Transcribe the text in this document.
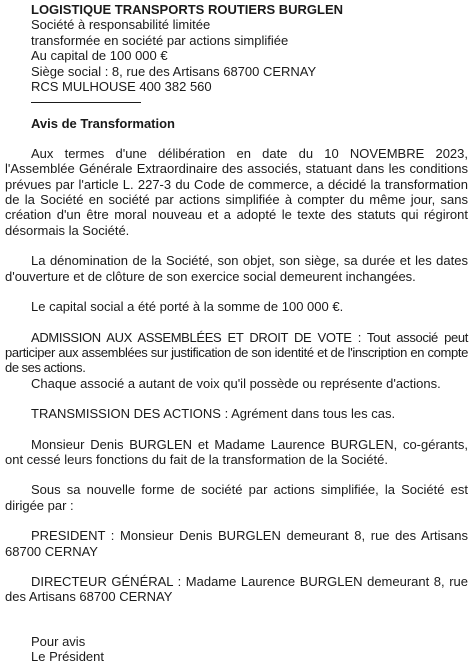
LOGISTIQUE TRANSPORTS ROUTIERS BURGLEN
Société à responsabilité limitée
transformée en société par actions simplifiée
Au capital de 100 000 €
Siège social : 8, rue des Artisans 68700 CERNAY
RCS MULHOUSE 400 382 560
Avis de Transformation

Aux termes d'une délibération en date du 10 NOVEMBRE 2023, l'Assemblée Générale Extraordinaire des associés, statuant dans les conditions prévues par l'article L. 227-3 du Code de commerce, a décidé la transformation de la Société en société par actions simplifiée à compter du même jour, sans création d'un être moral nouveau et a adopté le texte des statuts qui régiront désormais la Société.

La dénomination de la Société, son objet, son siège, sa durée et les dates d'ouverture et de clôture de son exercice social demeurent inchangées.

Le capital social a été porté à la somme de 100 000 €.

ADMISSION AUX ASSEMBLÉES ET DROIT DE VOTE : Tout associé peut participer aux assemblées sur justification de son identité et de l'inscription en compte de ses actions.

Chaque associé a autant de voix qu'il possède ou représente d'actions.

TRANSMISSION DES ACTIONS : Agrément dans tous les cas.

Monsieur Denis BURGLEN et Madame Laurence BURGLEN, co-gérants, ont cessé leurs fonctions du fait de la transformation de la Société.

Sous sa nouvelle forme de société par actions simplifiée, la Société est dirigée par :

PRESIDENT : Monsieur Denis BURGLEN demeurant 8, rue des Artisans 68700 CERNAY

DIRECTEUR GÉNÉRAL : Madame Laurence BURGLEN demeurant 8, rue des Artisans 68700 CERNAY

Pour avis
Le Président
